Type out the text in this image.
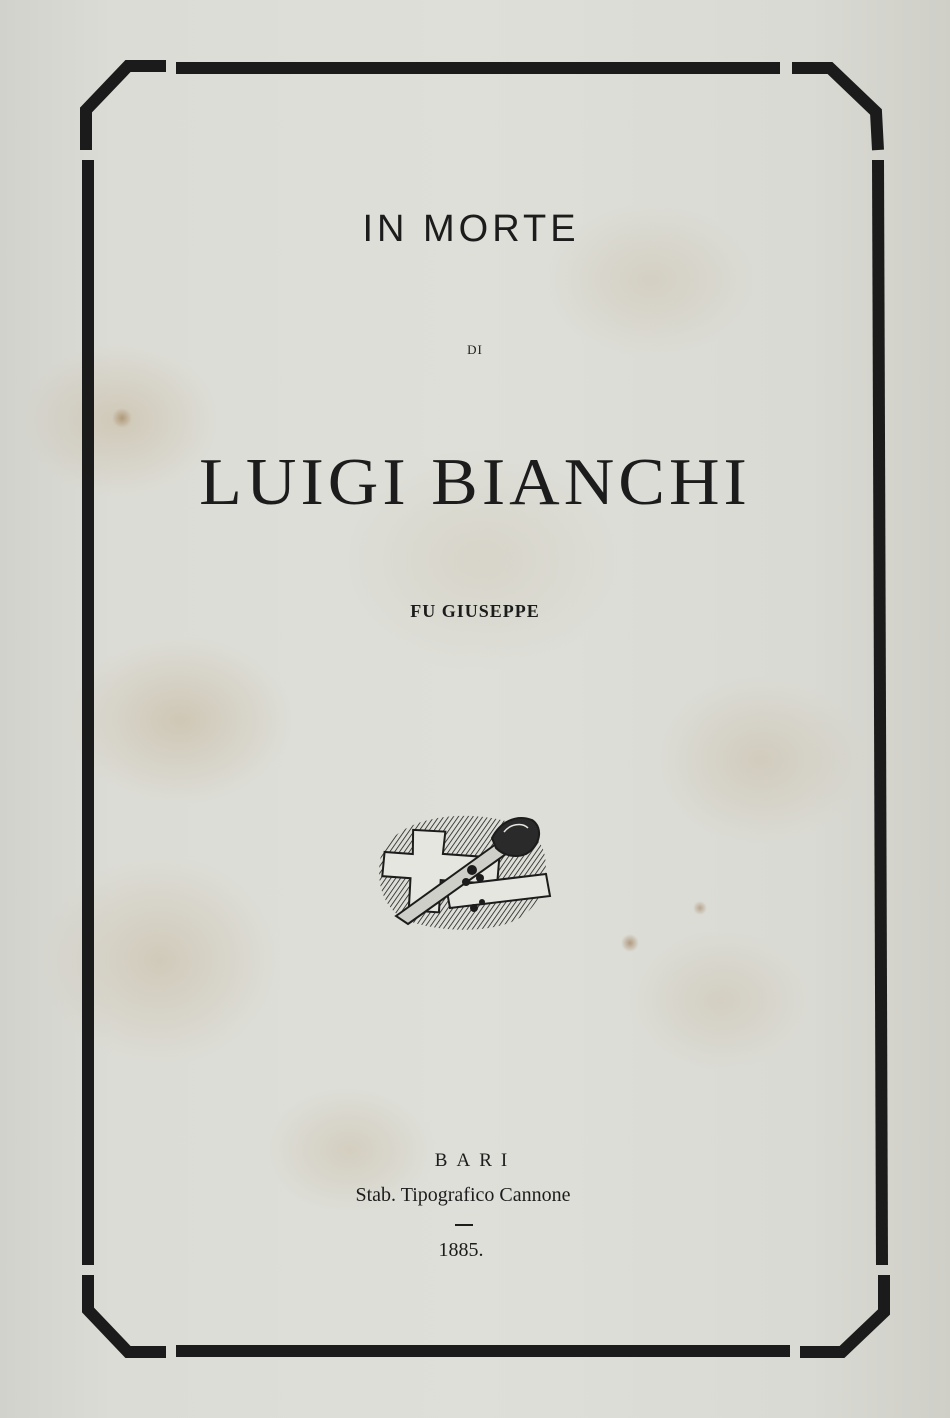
IN MORTE

DI

LUIGI BIANCHI

FU GIUSEPPE

BARI

Stab. Tipografico Cannone

1885.
